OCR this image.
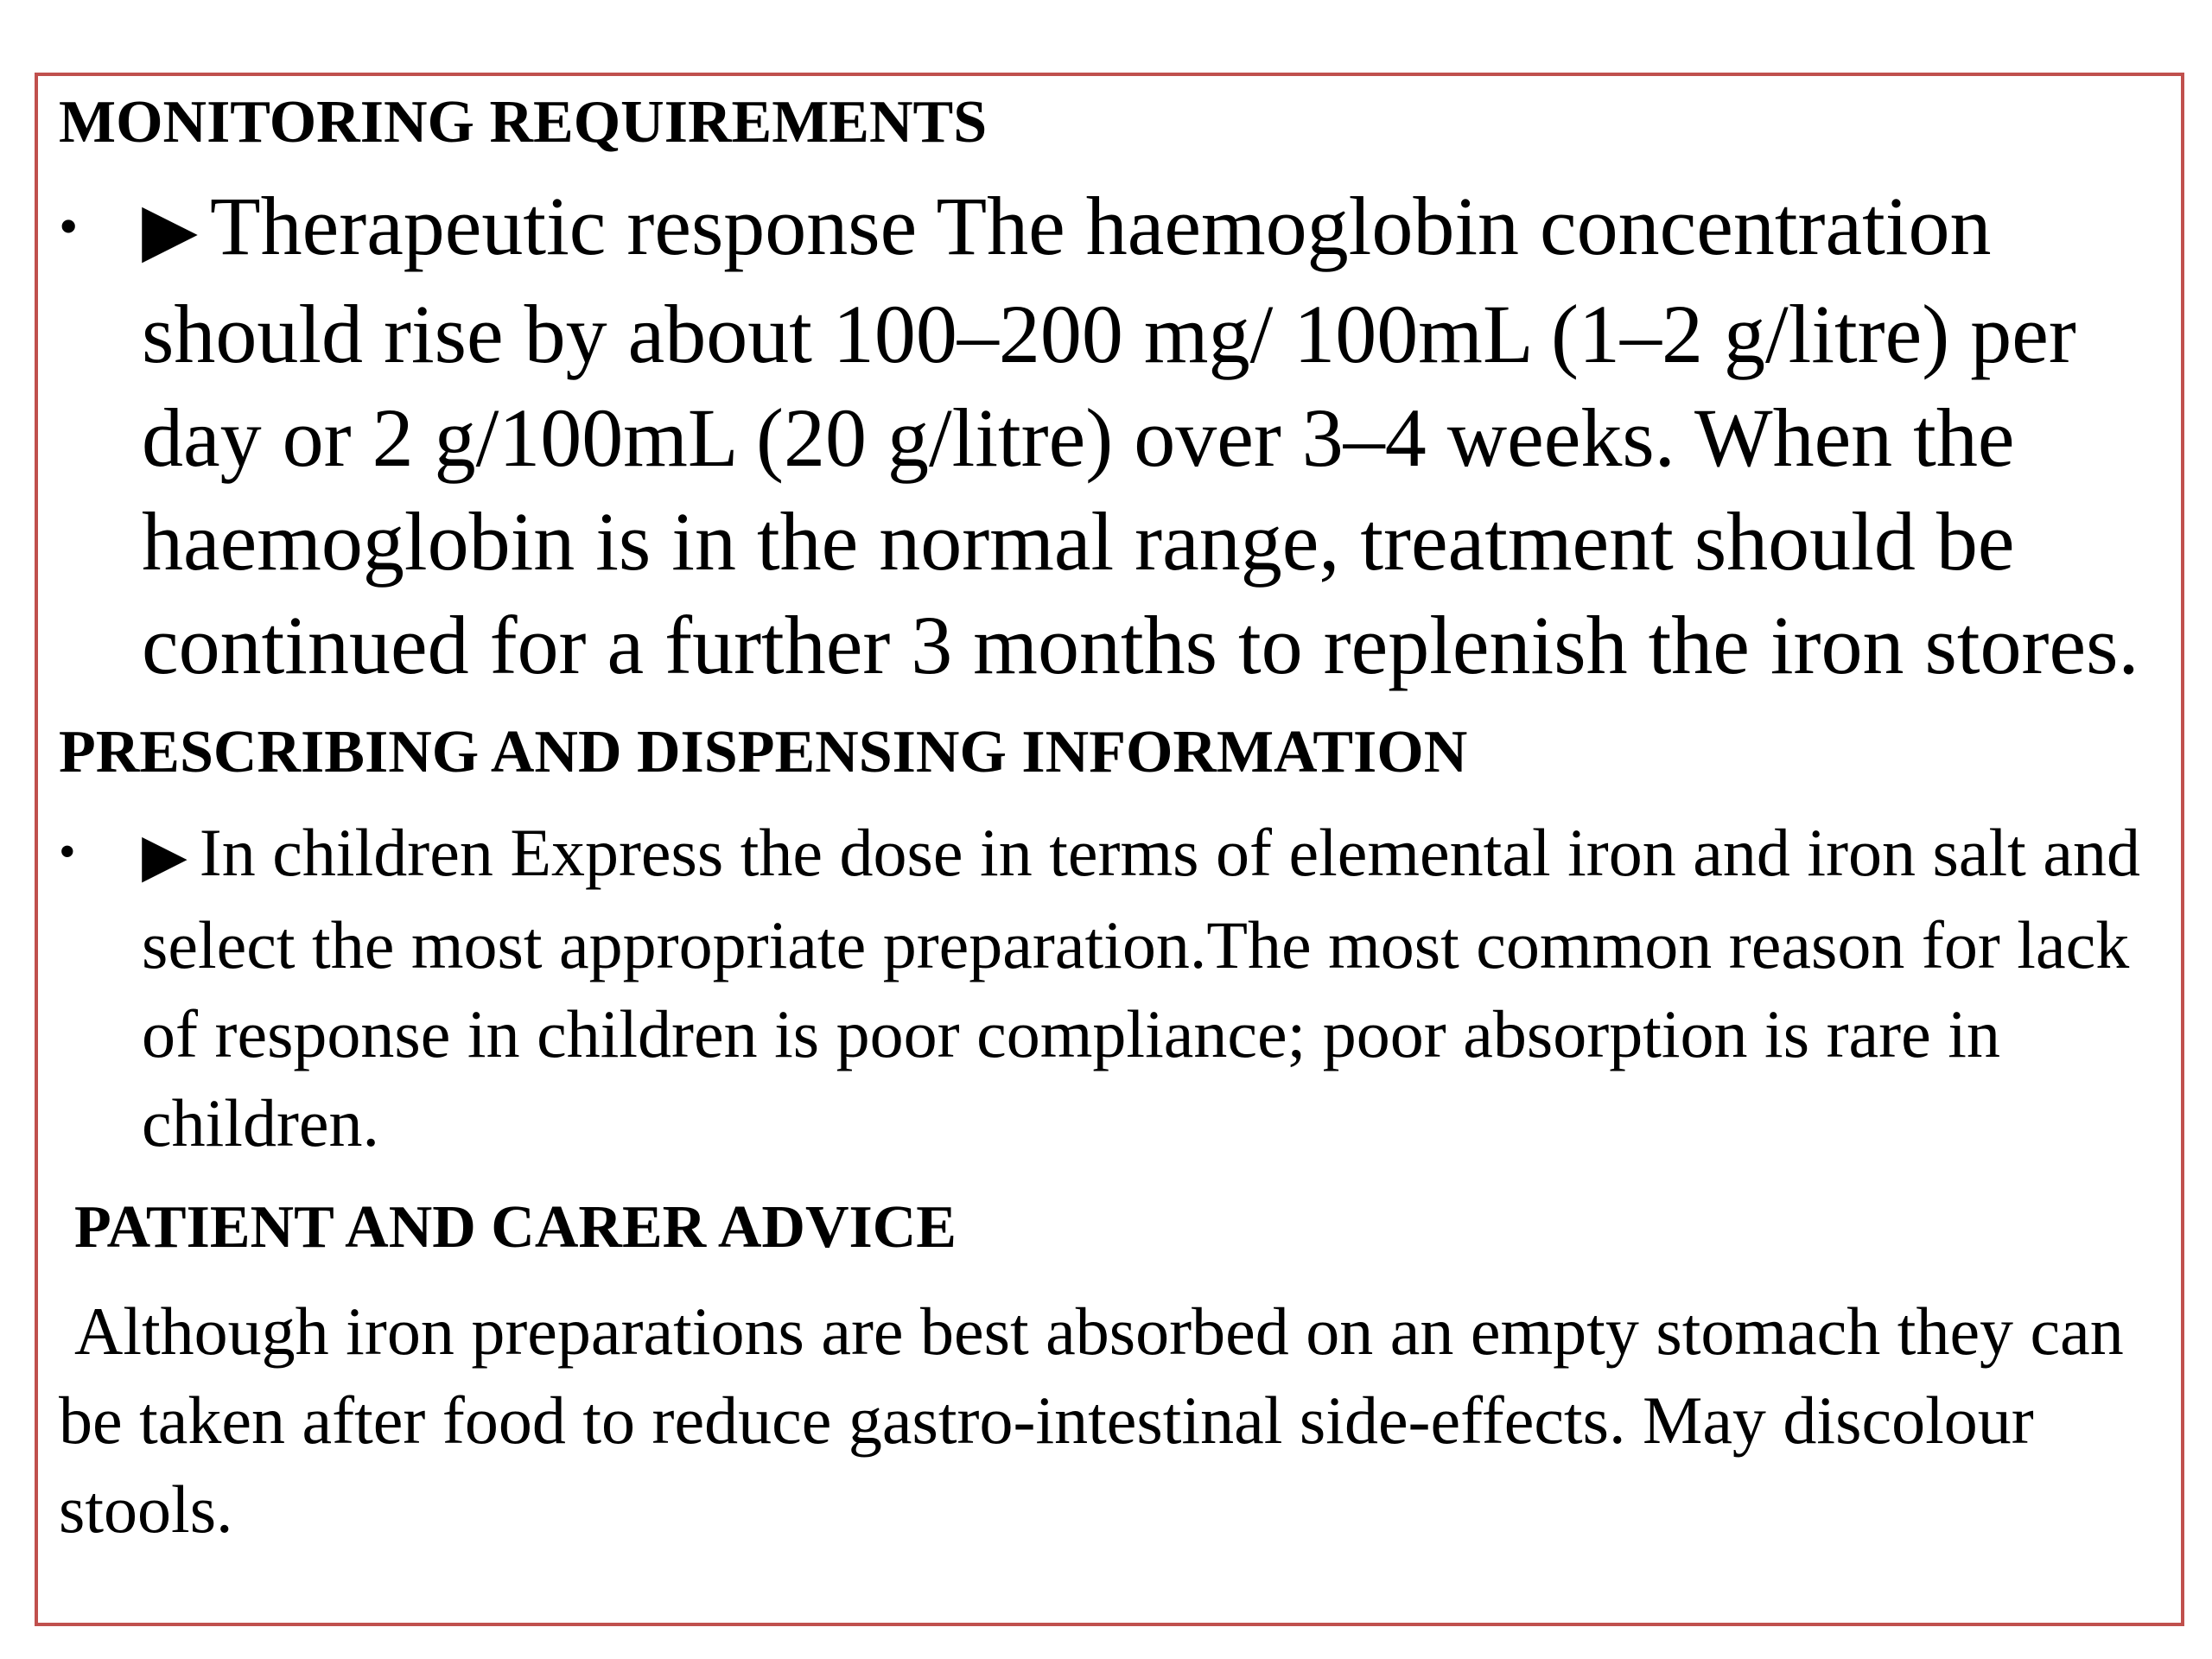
MONITORING REQUIREMENTS
• ▶ Therapeutic response The haemoglobin concentration should rise by about 100–200 mg/ 100mL (1–2 g/litre) per day or 2 g/100mL (20 g/litre) over 3–4 weeks. When the haemoglobin is in the normal range, treatment should be continued for a further 3 months to replenish the iron stores.
PRESCRIBING AND DISPENSING INFORMATION
•	▶ In children Express the dose in terms of elemental iron and iron salt and select the most appropriate preparation.The most common reason for lack of response in children is poor compliance; poor absorption is rare in children.
PATIENT AND CARER ADVICE
Although iron preparations are best absorbed on an empty stomach they can be taken after food to reduce gastro-intestinal side-effects. May discolour stools.
